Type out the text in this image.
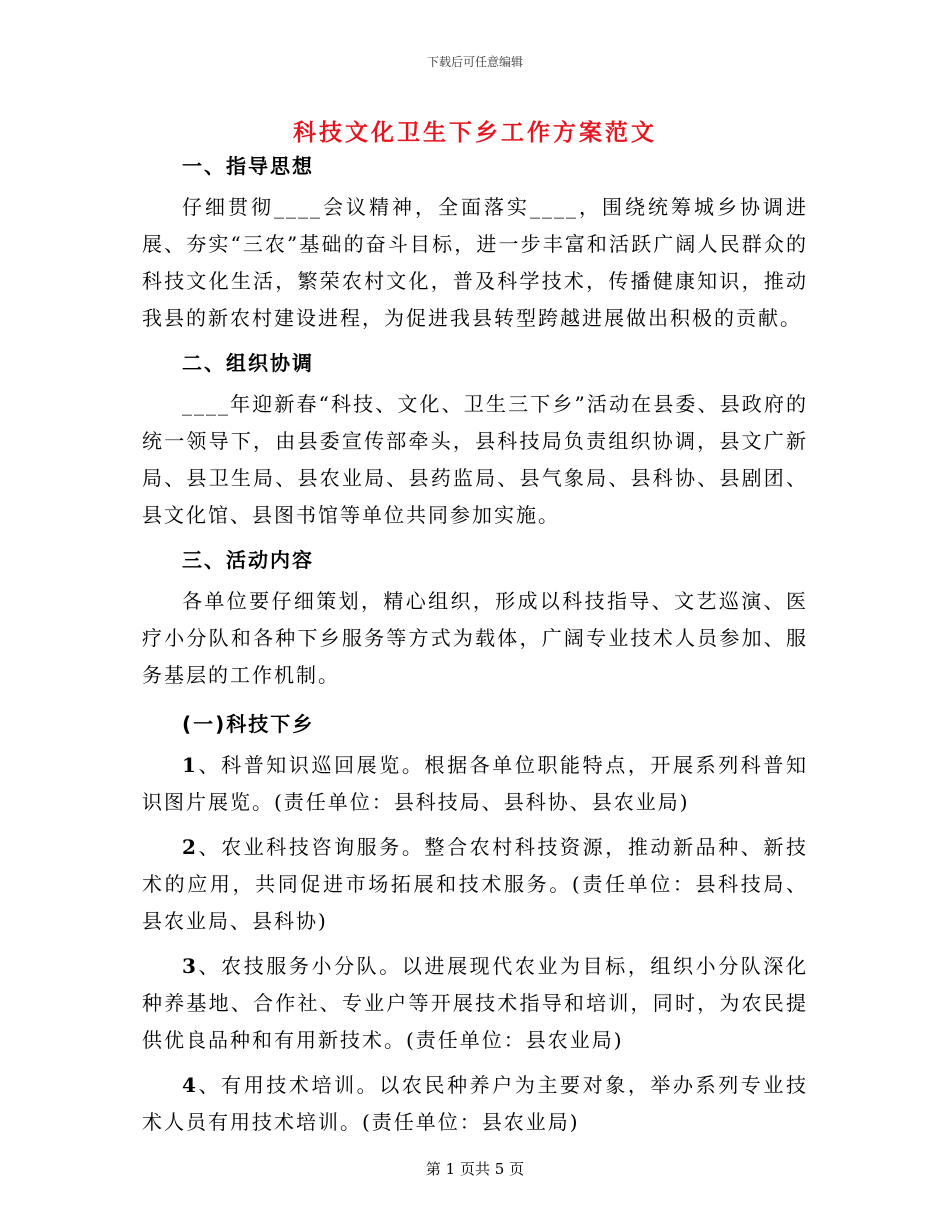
下载后可任意编辑
科技文化卫生下乡工作方案范文

一、指导思想

仔细贯彻____会议精神，全面落实____，围绕统筹城乡协调进展、夯实“三农”基础的奋斗目标，进一步丰富和活跃广阔人民群众的科技文化生活，繁荣农村文化，普及科学技术，传播健康知识，推动我县的新农村建设进程，为促进我县转型跨越进展做出积极的贡献。

二、组织协调

____年迎新春“科技、文化、卫生三下乡”活动在县委、县政府的统一领导下，由县委宣传部牵头，县科技局负责组织协调，县文广新局、县卫生局、县农业局、县药监局、县气象局、县科协、县剧团、县文化馆、县图书馆等单位共同参加实施。

三、活动内容

各单位要仔细策划，精心组织，形成以科技指导、文艺巡演、医疗小分队和各种下乡服务等方式为载体，广阔专业技术人员参加、服务基层的工作机制。

(一)科技下乡

1、科普知识巡回展览。根据各单位职能特点，开展系列科普知识图片展览。(责任单位：县科技局、县科协、县农业局)

2、农业科技咨询服务。整合农村科技资源，推动新品种、新技术的应用，共同促进市场拓展和技术服务。(责任单位：县科技局、县农业局、县科协)

3、农技服务小分队。以进展现代农业为目标，组织小分队深化种养基地、合作社、专业户等开展技术指导和培训，同时，为农民提供优良品种和有用新技术。(责任单位：县农业局)

4、有用技术培训。以农民种养户为主要对象，举办系列专业技术人员有用技术培训。(责任单位：县农业局)

第 1 页共 5 页
